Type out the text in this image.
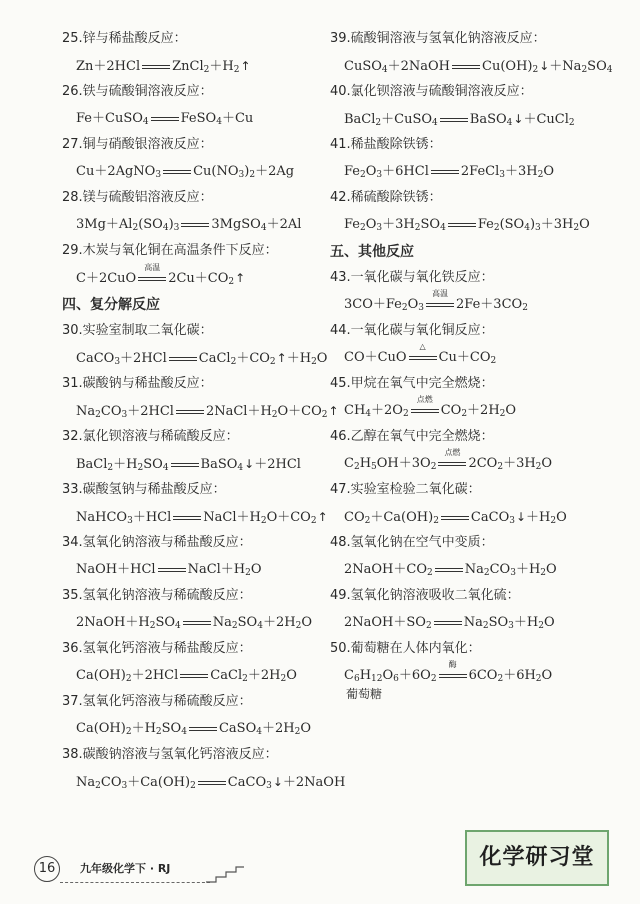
25.锌与稀盐酸反应：
Zn＋2HCl $ZnCl_2+H_2↑$
26.铁与硫酸铜溶液反应：
Fe＋CuSO$_4$ FeSO$_4$＋Cu
27.铜与硝酸银溶液反应：
Cu＋2AgNO$_3$ $Cu(NO_3)_2+2Ag$
28.镁与硫酸铝溶液反应：
$3Mg+Al_2(SO_4)_3$ 3MgSO$_4$＋2Al
29.木炭与氧化铜在高温条件下反应：
C＋2CuO
高温
$2Cu+CO_2↑$
四、复分解反应
30.实验室制取二氧化碳：
CaCO$_3$＋2HCl $CaCl_2+CO_2↑+H_2O$
31.碳酸钠与稀盐酸反应：
$Na_2CO_3+2HCl$ $2NaCl+H_2O+CO_2↑$
32.氯化钡溶液与稀硫酸反应：
$BaCl_2+H_2SO_4$ BaSO$_4$↓＋2HCl
33.碳酸氢钠与稀盐酸反应：
NaHCO$_3$＋HCl $NaCl+H_2O+CO_2↑$
34.氢氧化钠溶液与稀盐酸反应：
NaOH＋HCl $NaCl+H_2O$
35.氢氧化钠溶液与稀硫酸反应：
$2NaOH+H_2SO_4$ $Na_2SO_4+2H_2O$
36.氢氧化钙溶液与稀盐酸反应：
$Ca(OH)_2+2HCl$ $CaCl_2+2H_2O$
37.氢氧化钙溶液与稀硫酸反应：
$Ca(OH)_2+H_2SO_4$ $CaSO_4+2H_2O$
38.碳酸钠溶液与氢氧化钙溶液反应：
$Na_2CO_3+Ca(OH)_2$ CaCO$_3$↓＋2NaOH
39.硫酸铜溶液与氢氧化钠溶液反应：
CuSO$_4$＋2NaOH $Cu(OH)_2↓+Na_2SO_4$
40.氯化钡溶液与硫酸铜溶液反应：
BaCl$_2$＋CuSO$_4$ BaSO$_4$↓＋CuCl$_2$
41.稀盐酸除铁锈：
$Fe_2O_3+6HCl$ $2FeCl_3+3H_2O$
42.稀硫酸除铁锈：
$Fe_2O_3+3H_2SO_4$ $Fe_2(SO_4)_3+3H_2O$
五、其他反应
43.一氧化碳与氧化铁反应：
$3CO+Fe_2O_3$
高温
$2Fe+3CO_2$
44.一氧化碳与氧化铜反应：
CO＋CuO
△
$Cu+CO_2$
45.甲烷在氧气中完全燃烧：
$CH_4+2O_2$
点燃
$CO_2+2H_2O$
46.乙醇在氧气中完全燃烧：
$C_2H_5OH+3O_2$
点燃
$2CO_2+3H_2O$
47.实验室检验二氧化碳：
$CO_2+Ca(OH)_2$ $CaCO_3↓+H_2O$
48.氢氧化钠在空气中变质：
$2NaOH+CO_2$ $Na_2CO_3+H_2O$
49.氢氧化钠溶液吸收二氧化硫：
$2NaOH+SO_2$ $Na_2SO_3+H_2O$
50.葡萄糖在人体内氧化：
$C_6H_{12}O_6+6O_2$
酶
$6CO_2+6H_2O$
葡萄糖
16	九年级化学下 · RJ	化学研习堂
